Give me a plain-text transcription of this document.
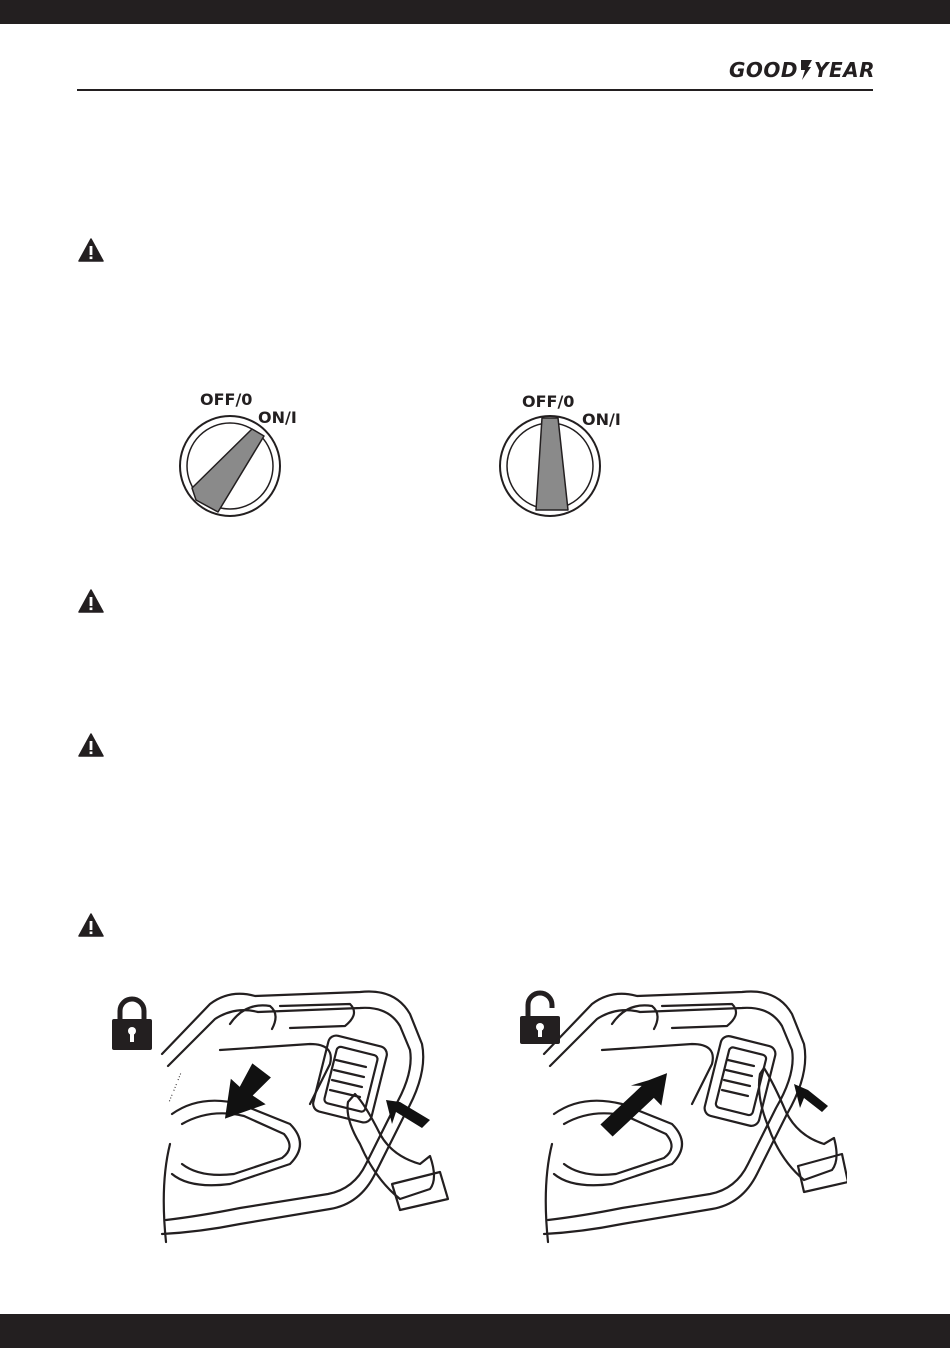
GOOD YEAR
OFF/0
ON/I
OFF/0
ON/I
⋯ ⋯ ⋯
